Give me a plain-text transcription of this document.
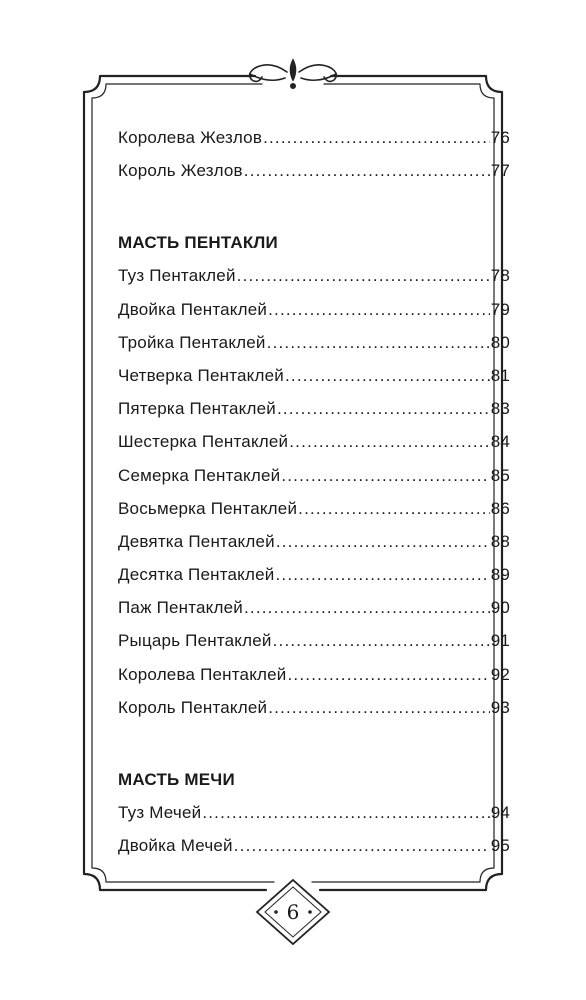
Королева Жезлов .....	76
Король Жезлов .....	77
МАСТЬ ПЕНТАКЛИ
Туз Пентаклей .....	78
Двойка Пентаклей .....	79
Тройка Пентаклей .....	80
Четверка Пентаклей .....	81
Пятерка Пентаклей .....	83
Шестерка Пентаклей .....	84
Семерка Пентаклей .....	85
Восьмерка Пентаклей .....	86
Девятка Пентаклей .....	88
Десятка Пентаклей .....	89
Паж Пентаклей .....	90
Рыцарь Пентаклей .....	91
Королева Пентаклей .....	92
Король Пентаклей .....	93
МАСТЬ МЕЧИ
Туз Мечей .....	94
Двойка Мечей .....	95
6
